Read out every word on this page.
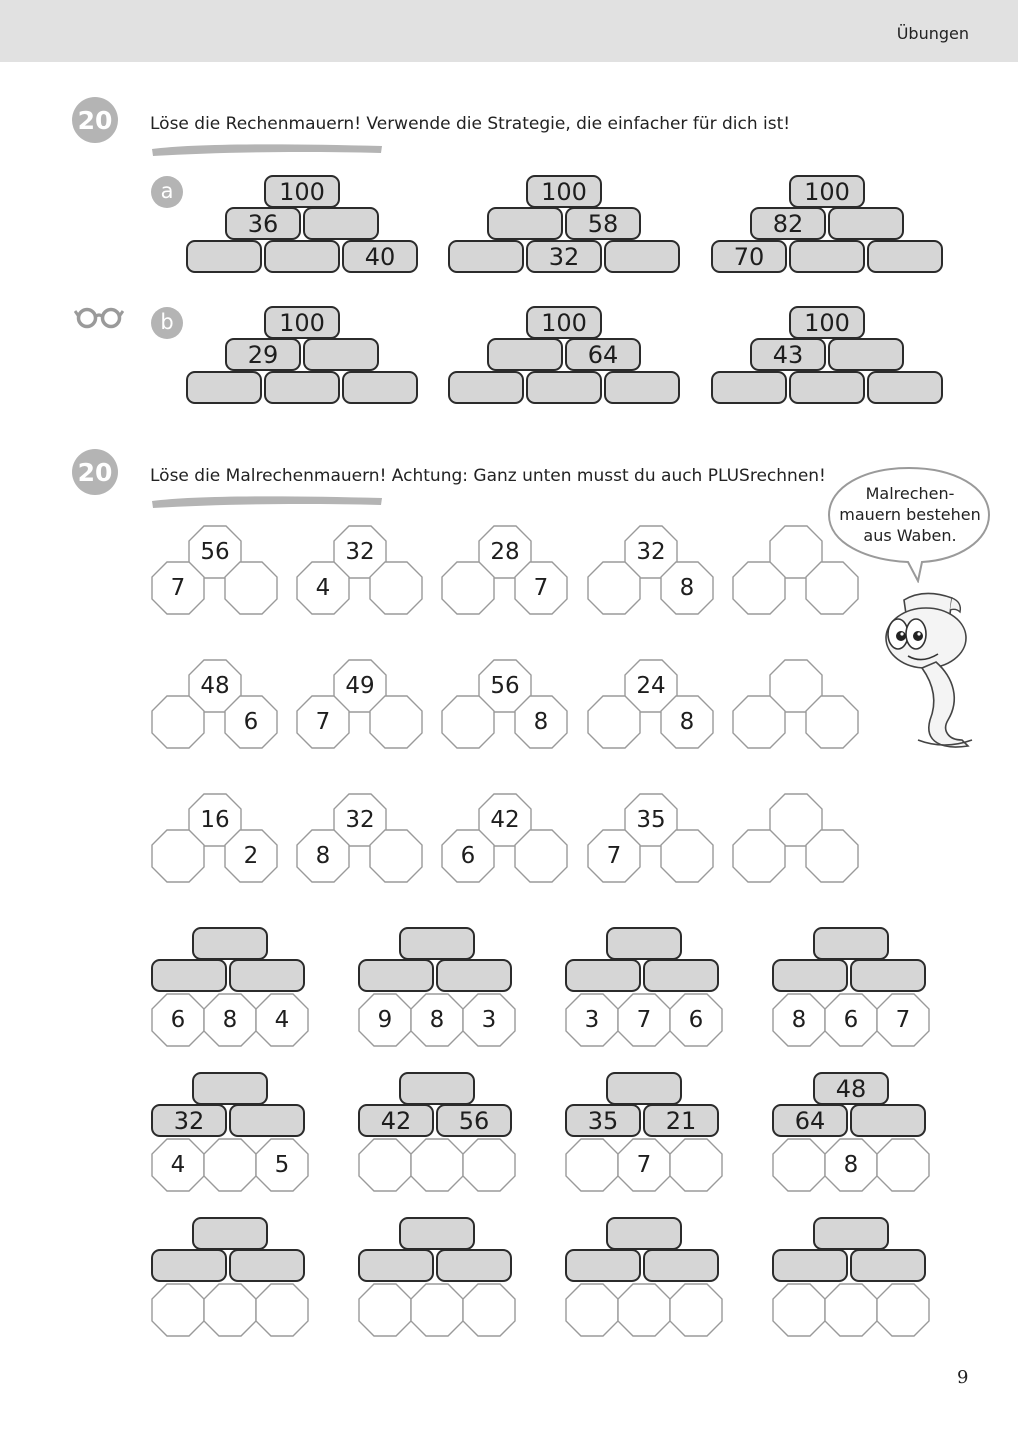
Übungen
20	Löse die Rechenmauern! Verwende die Strategie, die einfacher für dich ist!
a
b
100
36
40
100
58
32
100
82
70
100
29
100
64
100
43
20	Löse die Malrechenmauern! Achtung: Ganz unten musst du auch PLUSrechnen!
Malrechen-
mauern bestehen
aus Waben.
56
7
32
4
28
7
32
8
48
6
49
7
56
8
24
8
16
2
32
8
42
6
35
7
6	8	4	9	8	3	3	7	6	8	6	7
32
4	5
42	56	35	21
7
48
64
8
9
